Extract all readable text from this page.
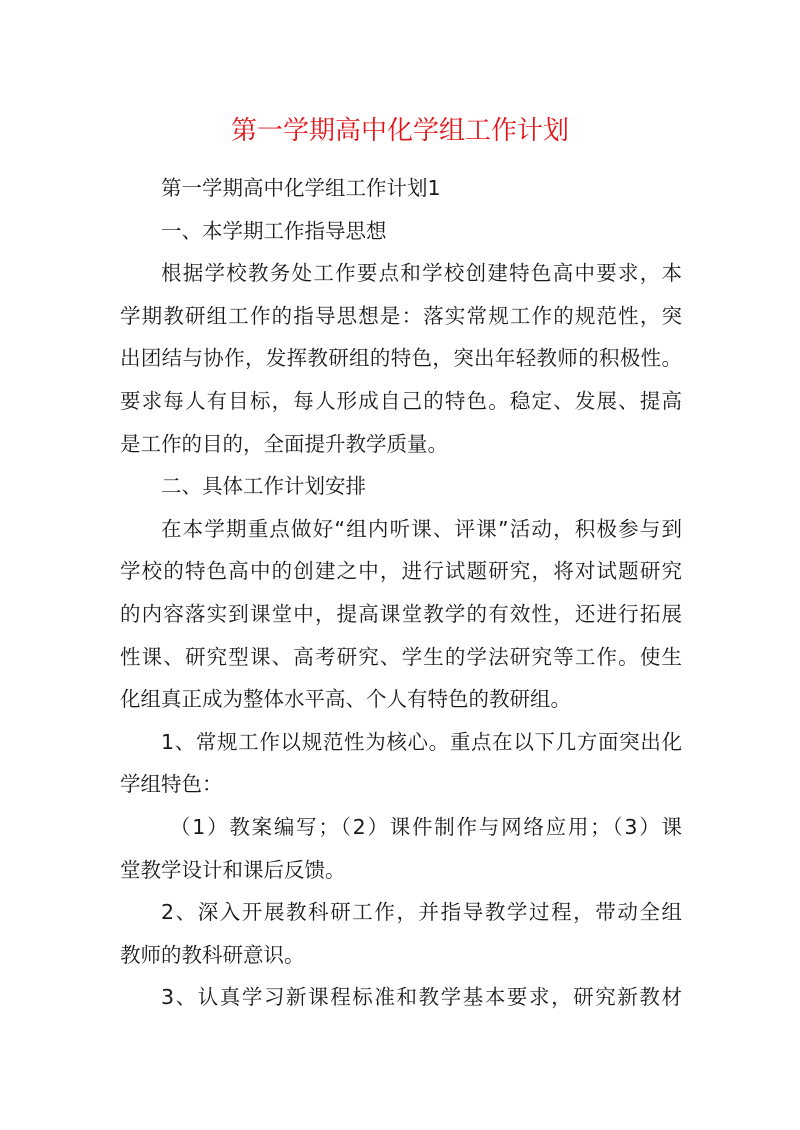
第一学期高中化学组工作计划
第一学期高中化学组工作计划1
一、本学期工作指导思想
根据学校教务处工作要点和学校创建特色高中要求，本
学期教研组工作的指导思想是：落实常规工作的规范性，突
出团结与协作，发挥教研组的特色，突出年轻教师的积极性。
要求每人有目标，每人形成自己的特色。稳定、发展、提高
是工作的目的，全面提升教学质量。
二、具体工作计划安排
在本学期重点做好“组内听课、评课”活动，积极参与到
学校的特色高中的创建之中，进行试题研究，将对试题研究
的内容落实到课堂中，提高课堂教学的有效性，还进行拓展
性课、研究型课、高考研究、学生的学法研究等工作。使生
化组真正成为整体水平高、个人有特色的教研组。
1、常规工作以规范性为核心。重点在以下几方面突出化
学组特色：
（1）教案编写；（2）课件制作与网络应用；（3）课
堂教学设计和课后反馈。
2、深入开展教科研工作，并指导教学过程，带动全组
教师的教科研意识。
3、认真学习新课程标准和教学基本要求，研究新教材
